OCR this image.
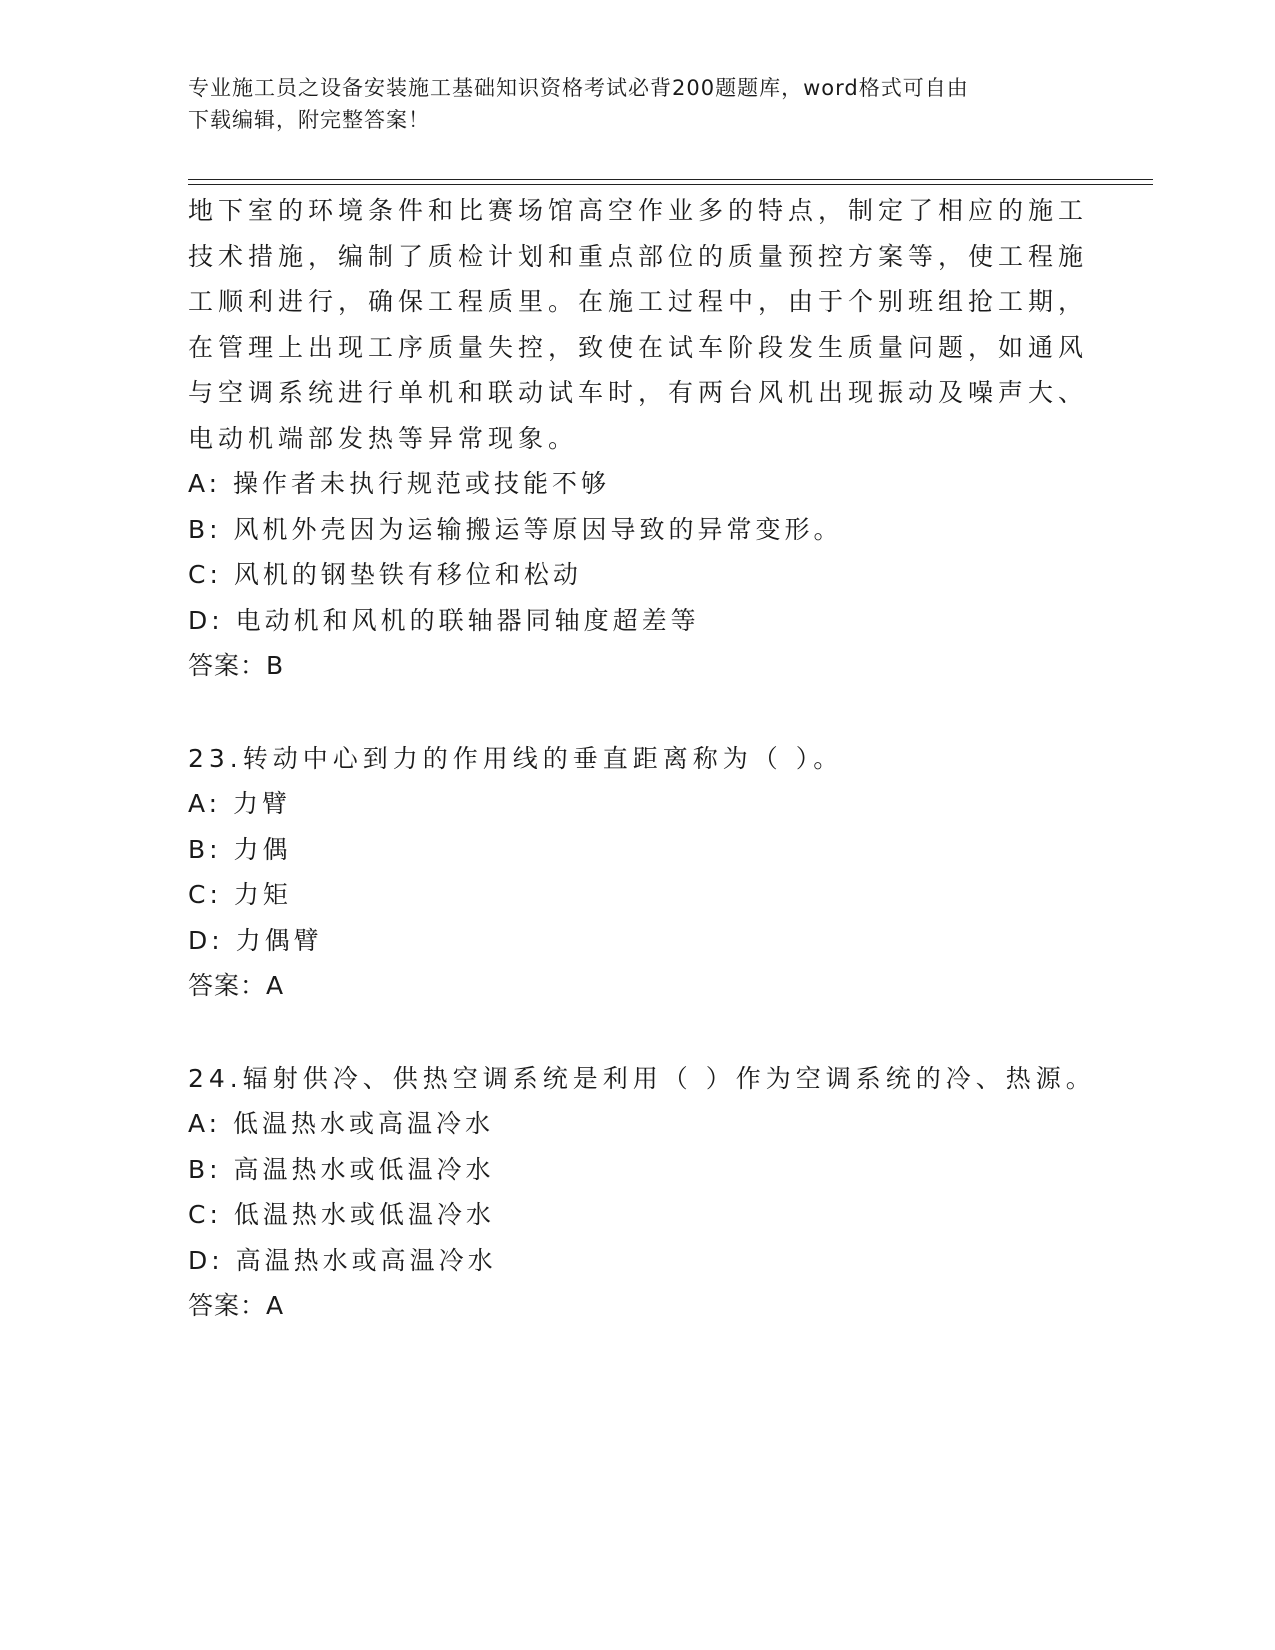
专业施工员之设备安装施工基础知识资格考试必背200题题库，word格式可自由
下载编辑，附完整答案！
地下室的环境条件和比赛场馆高空作业多的特点，制定了相应的施工
技术措施，编制了质检计划和重点部位的质量预控方案等，使工程施
工顺利进行，确保工程质里。在施工过程中，由于个别班组抢工期，
在管理上出现工序质量失控，致使在试车阶段发生质量问题，如通风
与空调系统进行单机和联动试车时，有两台风机出现振动及噪声大、
电动机端部发热等异常现象。
A: 操作者未执行规范或技能不够
B: 风机外壳因为运输搬运等原因导致的异常变形。
C: 风机的钢垫铁有移位和松动
D: 电动机和风机的联轴器同轴度超差等
答案：B
23.转动中心到力的作用线的垂直距离称为（ ）。
A: 力臂
B: 力偶
C: 力矩
D: 力偶臂
答案：A
24.辐射供冷、供热空调系统是利用（ ）作为空调系统的冷、热源。
A: 低温热水或高温冷水
B: 高温热水或低温冷水
C: 低温热水或低温冷水
D: 高温热水或高温冷水
答案：A
